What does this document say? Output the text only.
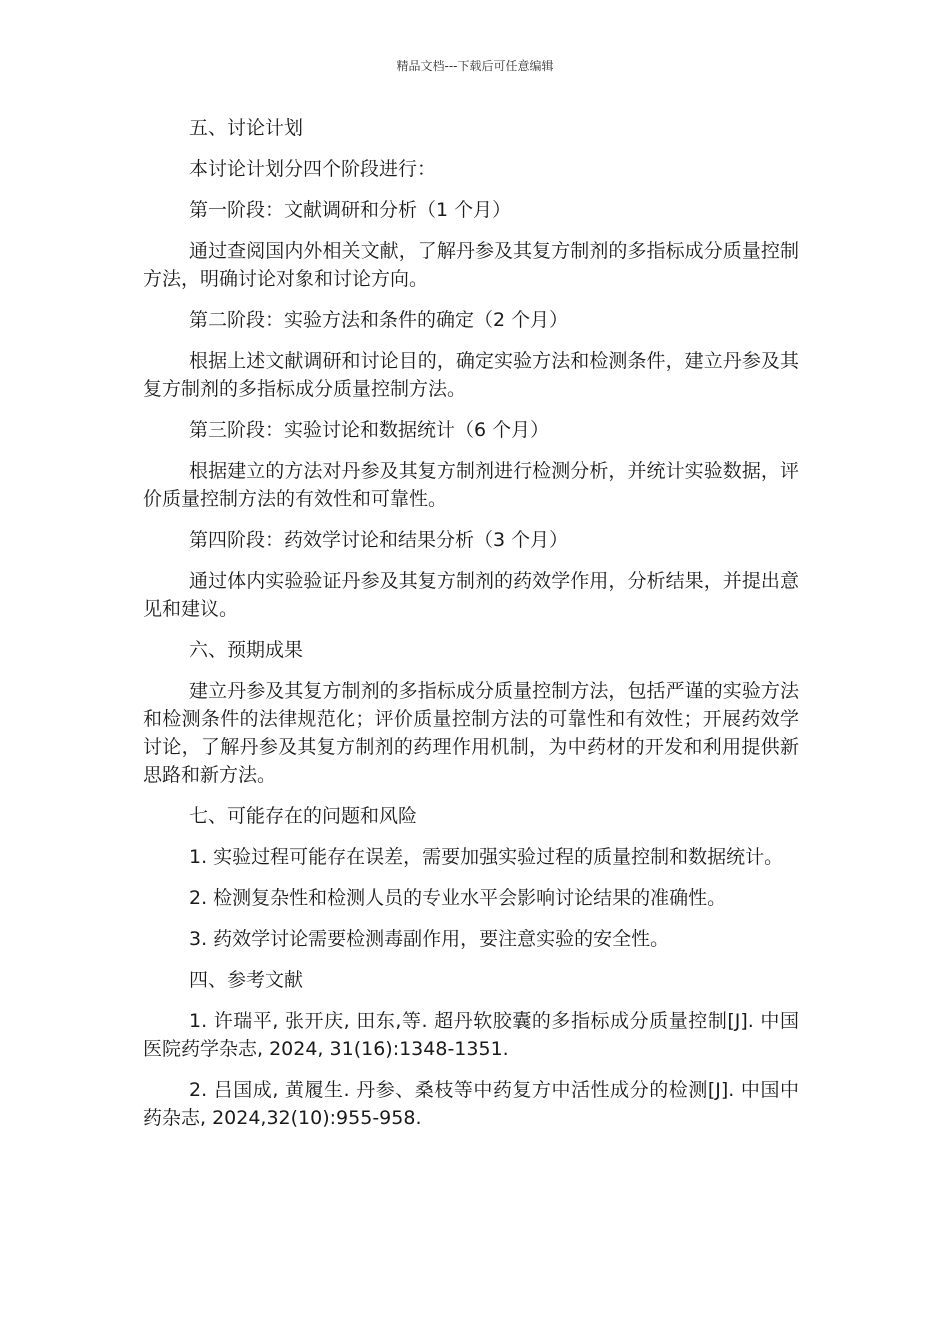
精品文档---下载后可任意编辑

五、讨论计划

本讨论计划分四个阶段进行：

第一阶段：文献调研和分析（1 个月）

通过查阅国内外相关文献，了解丹参及其复方制剂的多指标成分质量控制方法，明确讨论对象和讨论方向。

第二阶段：实验方法和条件的确定（2 个月）

根据上述文献调研和讨论目的，确定实验方法和检测条件，建立丹参及其复方制剂的多指标成分质量控制方法。

第三阶段：实验讨论和数据统计（6 个月）

根据建立的方法对丹参及其复方制剂进行检测分析，并统计实验数据，评价质量控制方法的有效性和可靠性。

第四阶段：药效学讨论和结果分析（3 个月）

通过体内实验验证丹参及其复方制剂的药效学作用，分析结果，并提出意见和建议。

六、预期成果

建立丹参及其复方制剂的多指标成分质量控制方法，包括严谨的实验方法和检测条件的法律规范化；评价质量控制方法的可靠性和有效性；开展药效学讨论，了解丹参及其复方制剂的药理作用机制，为中药材的开发和利用提供新思路和新方法。

七、可能存在的问题和风险

1. 实验过程可能存在误差，需要加强实验过程的质量控制和数据统计。

2. 检测复杂性和检测人员的专业水平会影响讨论结果的准确性。

3. 药效学讨论需要检测毒副作用，要注意实验的安全性。

四、参考文献

1. 许瑞平, 张开庆, 田东,等. 超丹软胶囊的多指标成分质量控制[J]. 中国医院药学杂志, 2024, 31(16):1348-1351.

2. 吕国成, 黄履生. 丹参、桑枝等中药复方中活性成分的检测[J]. 中国中药杂志, 2024,32(10):955-958.
